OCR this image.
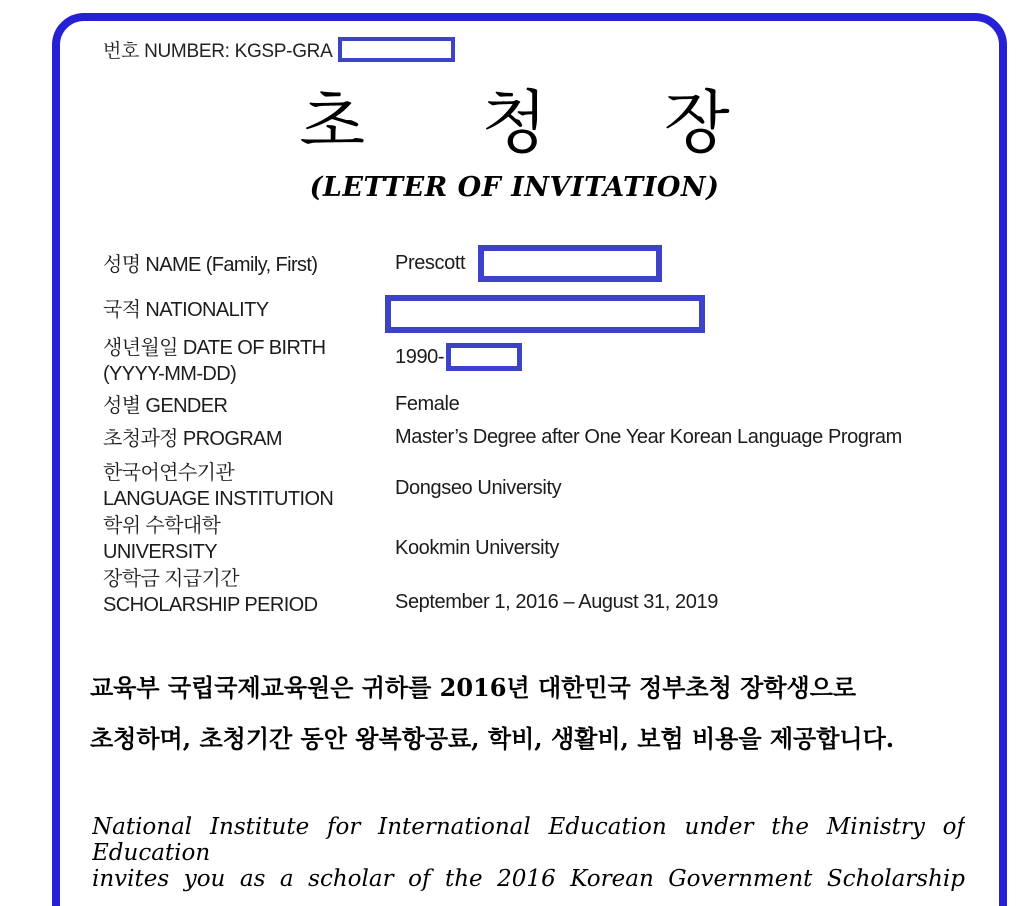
번호 NUMBER: KGSP-GRA
초 청 장
(LETTER OF INVITATION)
성명 NAME (Family, First)
국적 NATIONALITY
생년월일 DATE OF BIRTH
(YYYY-MM-DD)
성별 GENDER
초청과정 PROGRAM
한국어연수기관
LANGUAGE INSTITUTION
학위 수학대학
UNIVERSITY
장학금 지급기간
SCHOLARSHIP PERIOD
Prescott
1990-
Female
Master’s Degree after One Year Korean Language Program
Dongseo University
Kookmin University
September 1, 2016 – August 31, 2019
교육부 국립국제교육원은 귀하를 2016년 대한민국 정부초청 장학생으로
초청하며, 초청기간 동안 왕복항공료, 학비, 생활비, 보험 비용을 제공합니다.
National Institute for International Education under the Ministry of Education
invites you as a scholar of the 2016 Korean Government Scholarship
